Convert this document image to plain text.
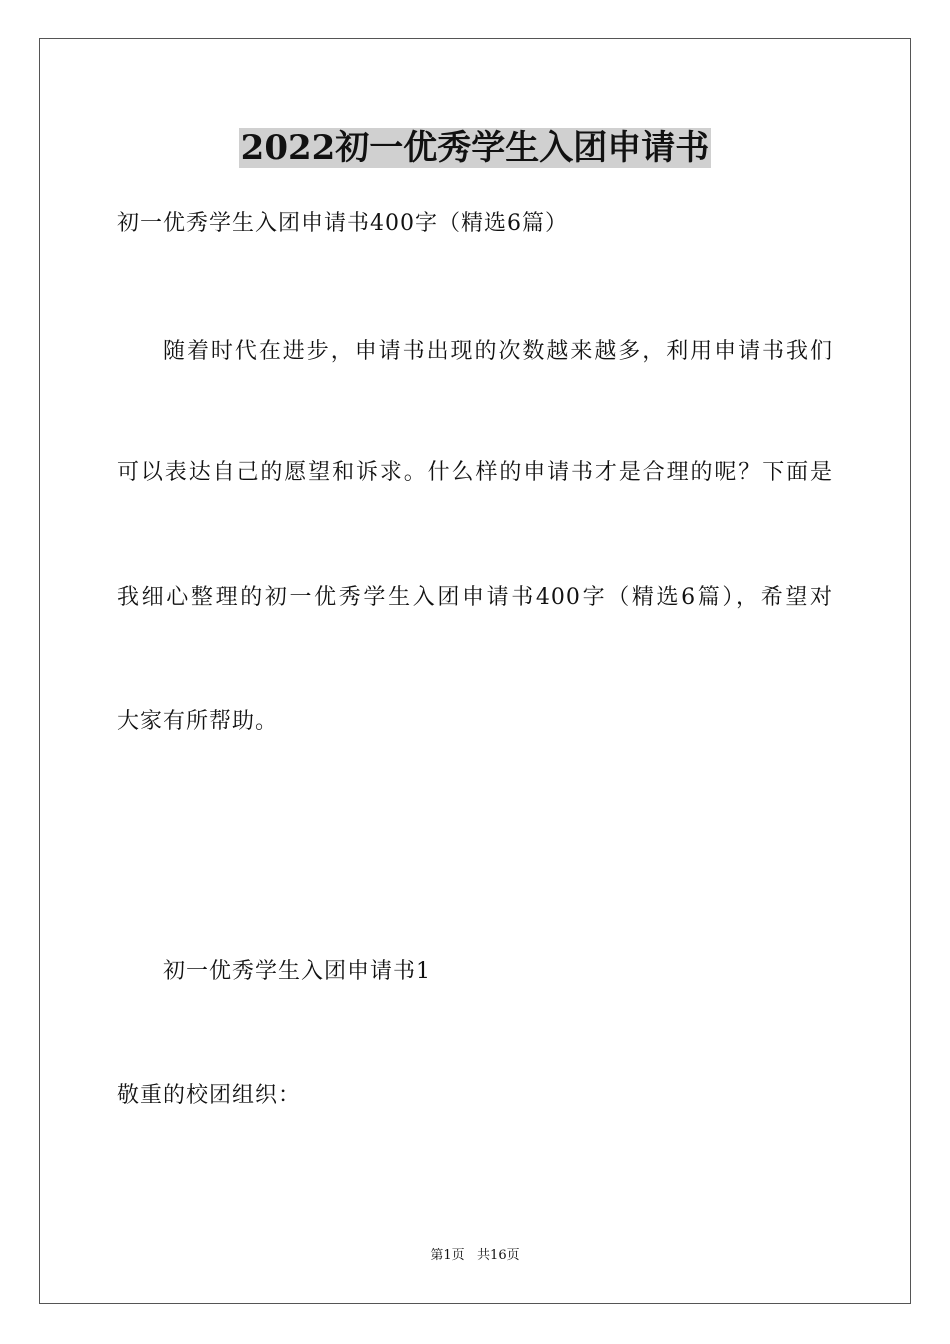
2022初一优秀学生入团申请书
初一优秀学生入团申请书400字（精选6篇）
随着时代在进步，申请书出现的次数越来越多，利用申请书我们
可以表达自己的愿望和诉求。什么样的申请书才是合理的呢？下面是
我细心整理的初一优秀学生入团申请书400字（精选6篇），希望对
大家有所帮助。
初一优秀学生入团申请书1
敬重的校团组织：
第1页   共16页
